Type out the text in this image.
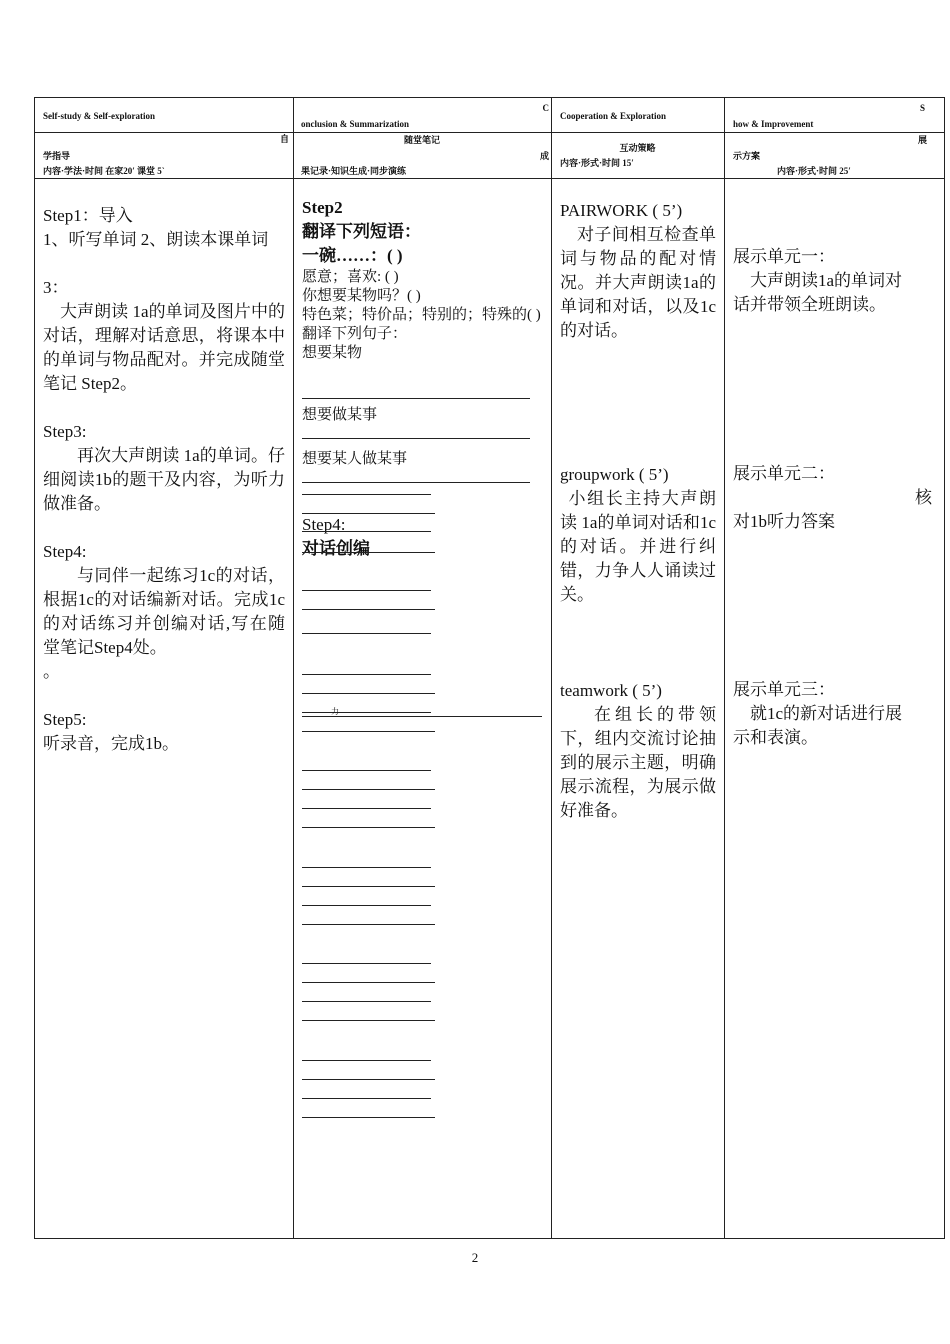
Self-study & Self-exploration
自
学指导
内容·学法·时间 在家20′ 课堂 5`
C
onclusion & Summarization
随堂笔记
成
果记录·知识生成·同步演练
Cooperation & Exploration
互动策略
内容·形式·时间 15′
S
how & Improvement
展
示方案
内容·形式·时间 25′

Step1：导入

1、听写单词 2、朗读本课单词

3：

大声朗读 1a的单词及图片中的对话，理解对话意思，将课本中的单词与物品配对。并完成随堂笔记 Step2。

Step3:

再次大声朗读 1a的单词。仔细阅读1b的题干及内容，为听力做准备。

Step4:

与同伴一起练习1c的对话，根据1c的对话编新对话。完成1c的对话练习并创编对话,写在随堂笔记Step4处。

。

Step5:

听录音，完成1b。

Step2

翻译下列短语：

一碗……：( )

愿意；喜欢: ( )

你想要某物吗？( )

特色菜；特价品；特别的；特殊的( )

翻译下列句子：

想要某物

想要做某事
想要某人做某事

Step4:

对话创编

力

PAIRWORK ( 5’)

对子间相互检查单词与物品的配对情况。并大声朗读1a的单词和对话，以及1c的对话。

groupwork ( 5’)

小组长主持大声朗读 1a的单词对话和1c的对话。并进行纠错，力争人人诵读过关。

teamwork ( 5’)

在组长的带领下，组内交流讨论抽到的展示主题，明确展示流程，为展示做好准备。

展示单元一：

大声朗读1a的单词对话并带领全班朗读。

展示单元二：
核
对1b听力答案

展示单元三：

就1c的新对话进行展示和表演。

2
